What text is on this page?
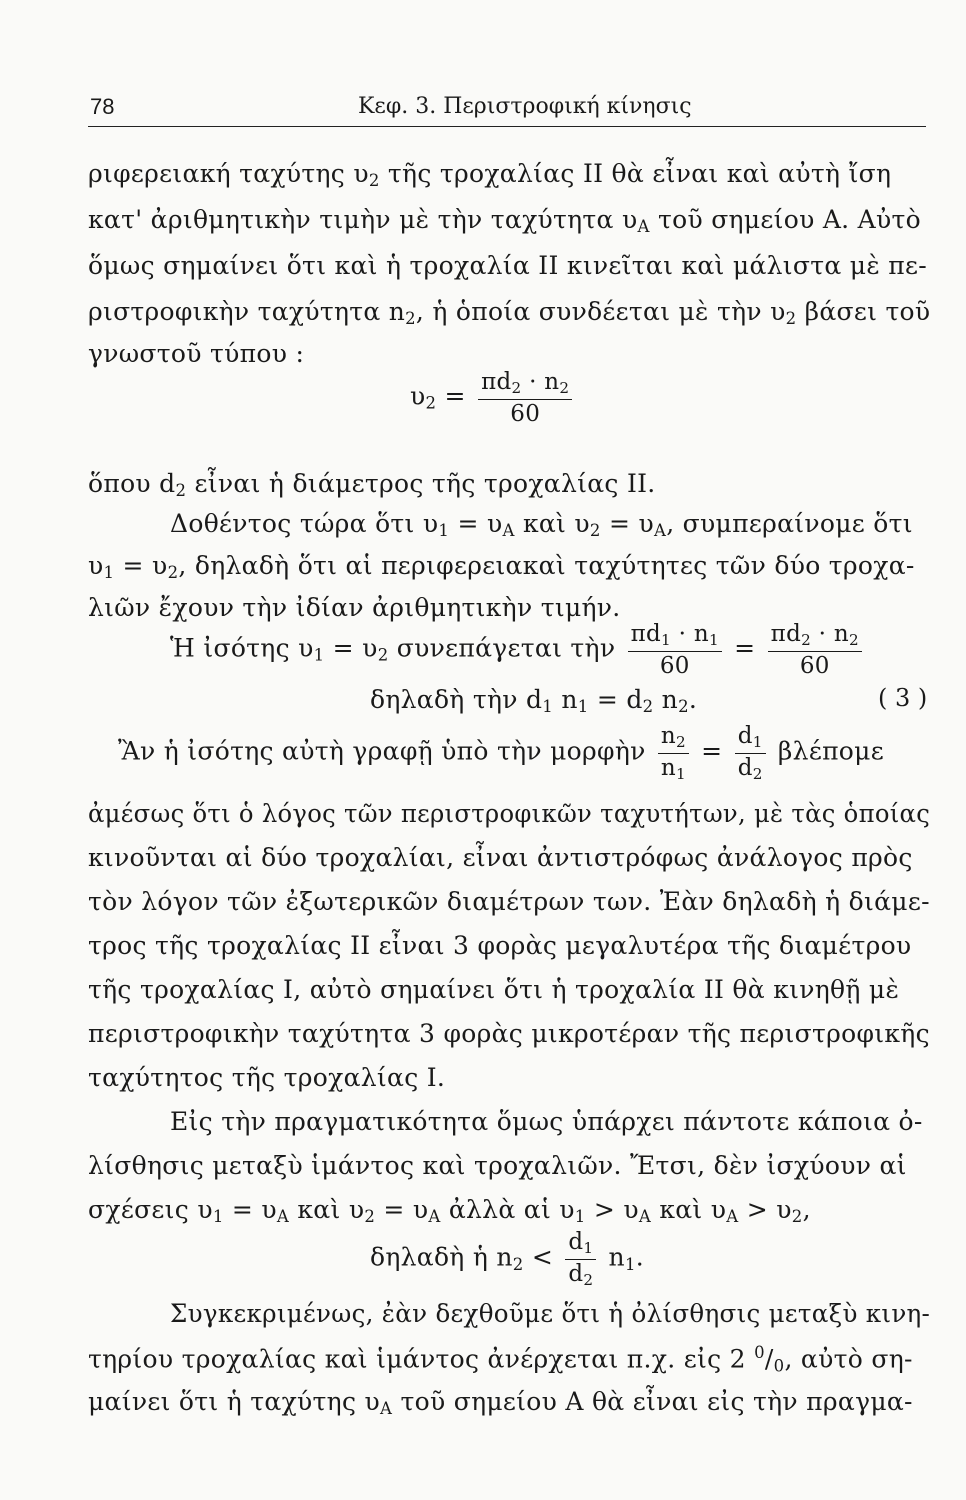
78	Κεφ. 3. Περιστροφική κίνησις
ριφερειακή ταχύτης $\upsilon_2$ τῆς τροχαλίας II θὰ εἶναι καὶ αὐτὴ ἴση
κατ' ἀριθμητικὴν τιμὴν μὲ τὴν ταχύτητα $\upsilon_A$ τοῦ σημείου Α. Αὐτὸ
ὅμως σημαίνει ὅτι καὶ ἡ τροχαλία II κινεῖται καὶ μάλιστα μὲ πε-
ριστροφικὴν ταχύτητα $n_2$, ἡ ὁποία συνδέεται μὲ τὴν $\upsilon_2$ βάσει τοῦ
γνωστοῦ τύπου :
$\upsilon_2 = \frac{\pi d_2 \cdot n_2}{60}$
ὅπου $d_2$ εἶναι ἡ διάμετρος τῆς τροχαλίας II.
Δοθέντος τώρα ὅτι $\upsilon_1 = \upsilon_A$ καὶ $\upsilon_2 = \upsilon_A$, συμπεραίνομε ὅτι
$\upsilon_1 = \upsilon_2$, δηλαδὴ ὅτι αἱ περιφερειακαὶ ταχύτητες τῶν δύο τροχα-
λιῶν ἔχουν τὴν ἰδίαν ἀριθμητικὴν τιμήν.
Ἡ ἰσότης $\upsilon_1 = \upsilon_2$ συνεπάγεται τὴν $\frac{\pi d_1 \cdot n_1}{60} = \frac{\pi d_2 \cdot n_2}{60}$
δηλαδὴ τὴν $d_1$ $n_1 = d_2$ $n_2$.	( 3 )
Ἂν ἡ ἰσότης αὐτὴ γραφῇ ὑπὸ τὴν μορφὴν $\frac{n_2}{n_1} = \frac{d_1}{d_2}$ βλέπομε
ἀμέσως ὅτι ὁ λόγος τῶν περιστροφικῶν ταχυτήτων, μὲ τὰς ὁποίας
κινοῦνται αἱ δύο τροχαλίαι, εἶναι ἀντιστρόφως ἀνάλογος πρὸς
τὸν λόγον τῶν ἐξωτερικῶν διαμέτρων των. Ἐὰν δηλαδὴ ἡ διάμε-
τρος τῆς τροχαλίας II εἶναι 3 φορὰς μεγαλυτέρα τῆς διαμέτρου
τῆς τροχαλίας I, αὐτὸ σημαίνει ὅτι ἡ τροχαλία II θὰ κινηθῇ μὲ
περιστροφικὴν ταχύτητα 3 φορὰς μικροτέραν τῆς περιστροφικῆς
ταχύτητος τῆς τροχαλίας I.
Εἰς τὴν πραγματικότητα ὅμως ὑπάρχει πάντοτε κάποια ὀ-
λίσθησις μεταξὺ ἱμάντος καὶ τροχαλιῶν. Ἔτσι, δὲν ἰσχύουν αἱ
σχέσεις $\upsilon_1 = \upsilon_A$ καὶ $\upsilon_2 = \upsilon_A$ ἀλλὰ αἱ $\upsilon_1 > \upsilon_A$ καὶ $\upsilon_A > \upsilon_2$,
δηλαδὴ ἡ $n_2 < \frac{d_1}{d_2} n_1$.
Συγκεκριμένως, ἐὰν δεχθοῦμε ὅτι ἡ ὀλίσθησις μεταξὺ κινη-
τηρίου τροχαλίας καὶ ἱμάντος ἀνέρχεται π.χ. εἰς 2 $^0/_0$, αὐτὸ ση-
μαίνει ὅτι ἡ ταχύτης $\upsilon_A$ τοῦ σημείου Α θὰ εἶναι εἰς τὴν πραγμα-
